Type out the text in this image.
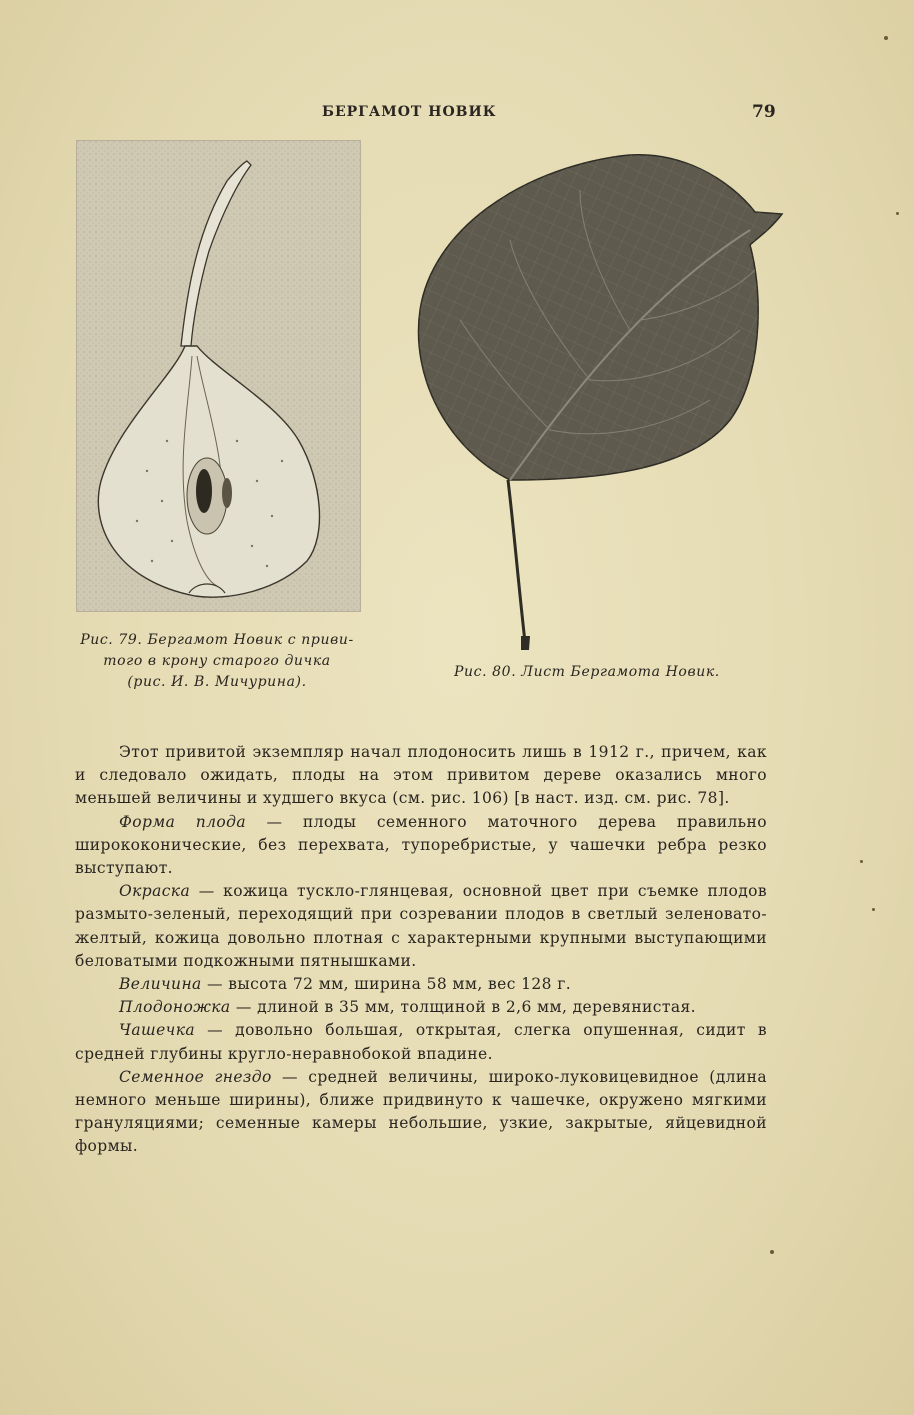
БЕРГАМОТ НОВИК	79
Рис. 79. Бергамот Новик с приви-
того в крону старого дичка
(рис. И. В. Мичурина).
Рис. 80. Лист Бергамота Новик.

Этот привитой экземпляр начал плодоносить лишь в 1912 г., причем, как и следовало ожидать, плоды на этом привитом дереве оказались много меньшей величины и худшего вкуса (см. рис. 106) [в наст. изд. см. рис. 78].

Форма плода — плоды семенного маточного дерева правильно ширококонические, без перехвата, тупоребристые, у чашечки ребра резко выступают.

Окраска — кожица тускло-глянцевая, основной цвет при съемке плодов размыто-зеленый, переходящий при созревании плодов в светлый зеленовато-желтый, кожица довольно плотная с характерными крупными выступающими беловатыми подкожными пятнышками.

Величина — высота 72 мм, ширина 58 мм, вес 128 г.

Плодоножка — длиной в 35 мм, толщиной в 2,6 мм, деревянистая.

Чашечка — довольно большая, открытая, слегка опушенная, сидит в средней глубины кругло-неравнобокой впадине.

Семенное гнездо — средней величины, широко-луковицевидное (длина немного меньше ширины), ближе придвинуто к чашечке, окружено мягкими грануляциями; семенные камеры небольшие, узкие, закрытые, яйцевидной формы.
